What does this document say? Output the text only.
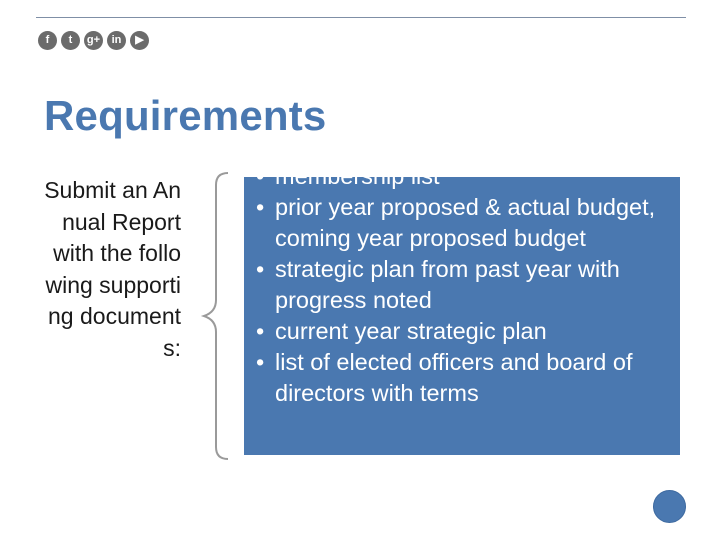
f	t	g+	in	▶
Requirements
Submit an Annual Report with the following supporting documents:
• membership list
• prior year proposed & actual budget, coming year proposed budget
• strategic plan from past year with progress noted
• current year strategic plan
• list of elected officers and board of directors with terms
